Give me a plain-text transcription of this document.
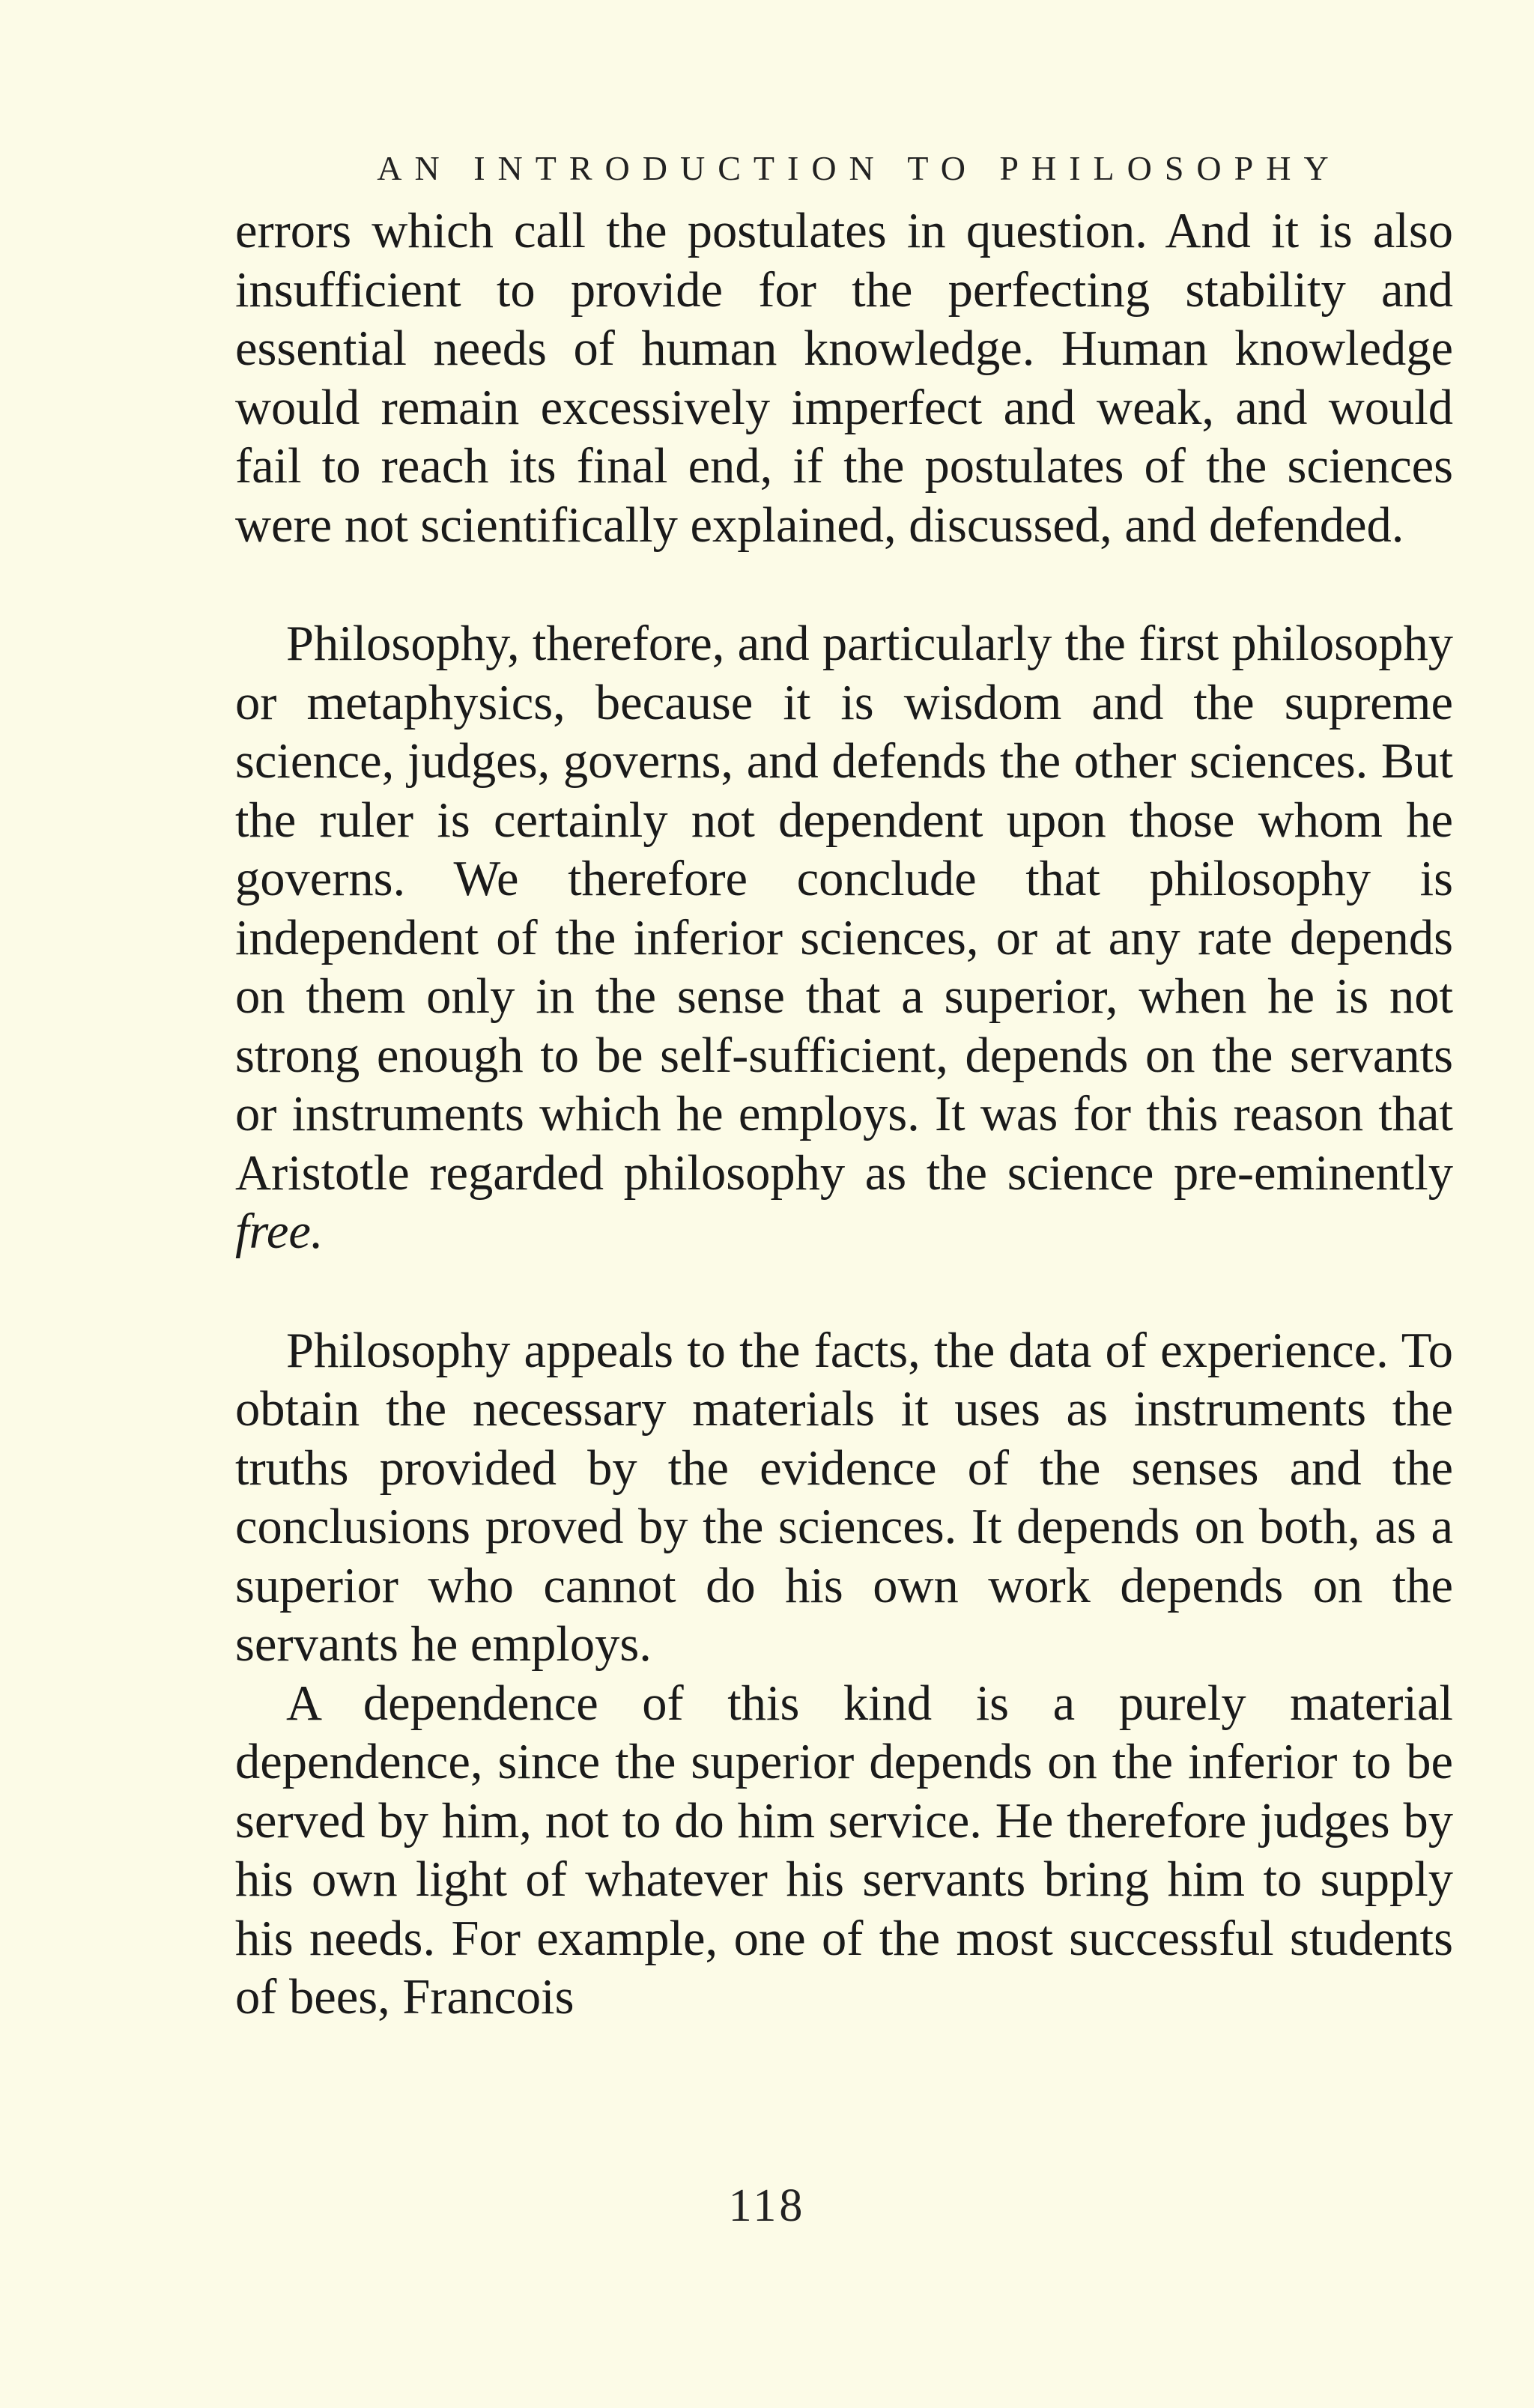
AN INTRODUCTION TO PHILOSOPHY

errors which call the postulates in question. And it is also insufficient to provide for the perfecting stability and essential needs of human knowledge. Human knowledge would remain excessively imperfect and weak, and would fail to reach its final end, if the postulates of the sciences were not scientifically explained, discussed, and defended.

Philosophy, therefore, and particularly the first philosophy or metaphysics, because it is wisdom and the supreme science, judges, governs, and defends the other sciences. But the ruler is certainly not dependent upon those whom he governs. We therefore conclude that philosophy is independent of the inferior sciences, or at any rate depends on them only in the sense that a superior, when he is not strong enough to be self-sufficient, depends on the servants or instruments which he employs. It was for this reason that Aristotle regarded philosophy as the science pre-eminently free.

Philosophy appeals to the facts, the data of experience. To obtain the necessary materials it uses as instruments the truths provided by the evidence of the senses and the conclusions proved by the sciences. It depends on both, as a superior who cannot do his own work depends on the servants he employs.

A dependence of this kind is a purely material dependence, since the superior depends on the inferior to be served by him, not to do him service. He therefore judges by his own light of whatever his servants bring him to supply his needs. For example, one of the most successful students of bees, Francois

118
